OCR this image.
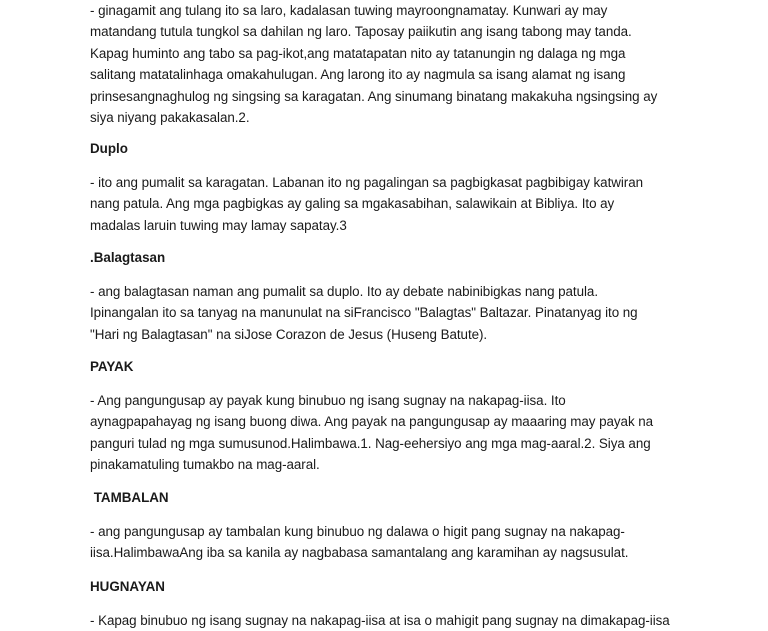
- ginagamit ang tulang ito sa laro, kadalasan tuwing mayroongnamatay. Kunwari ay may
matandang tutula tungkol sa dahilan ng laro. Taposay paiikutin ang isang tabong may tanda.
Kapag huminto ang tabo sa pag-ikot,ang matatapatan nito ay tatanungin ng dalaga ng mga
salitang matatalinhaga omakahulugan. Ang larong ito ay nagmula sa isang alamat ng isang
prinsesangnaghulog ng singsing sa karagatan. Ang sinumang binatang makakuha ngsingsing ay
siya niyang pakakasalan.2.
Duplo
- ito ang pumalit sa karagatan. Labanan ito ng pagalingan sa pagbigkasat pagbibigay katwiran
nang patula. Ang mga pagbigkas ay galing sa mgakasabihan, salawikain at Bibliya. Ito ay
madalas laruin tuwing may lamay sapatay.3
.Balagtasan
- ang balagtasan naman ang pumalit sa duplo. Ito ay debate nabinibigkas nang patula.
Ipinangalan ito sa tanyag na manunulat na siFrancisco "Balagtas" Baltazar. Pinatanyag ito ng
"Hari ng Balagtasan" na siJose Corazon de Jesus (Huseng Batute).
PAYAK
- Ang pangungusap ay payak kung binubuo ng isang sugnay na nakapag-iisa. Ito
aynagpapahayag ng isang buong diwa. Ang payak na pangungusap ay maaaring may payak na
panguri tulad ng mga sumusunod.Halimbawa.1. Nag-eehersiyo ang mga mag-aaral.2. Siya ang
pinakamatuling tumakbo na mag-aaral.
TAMBALAN
- ang pangungusap ay tambalan kung binubuo ng dalawa o higit pang sugnay na nakapag-
iisa.HalimbawaAng iba sa kanila ay nagbabasa samantalang ang karamihan ay nagsusulat.
HUGNAYAN
- Kapag binubuo ng isang sugnay na nakapag-iisa at isa o mahigit pang sugnay na dimakapag-iisa
